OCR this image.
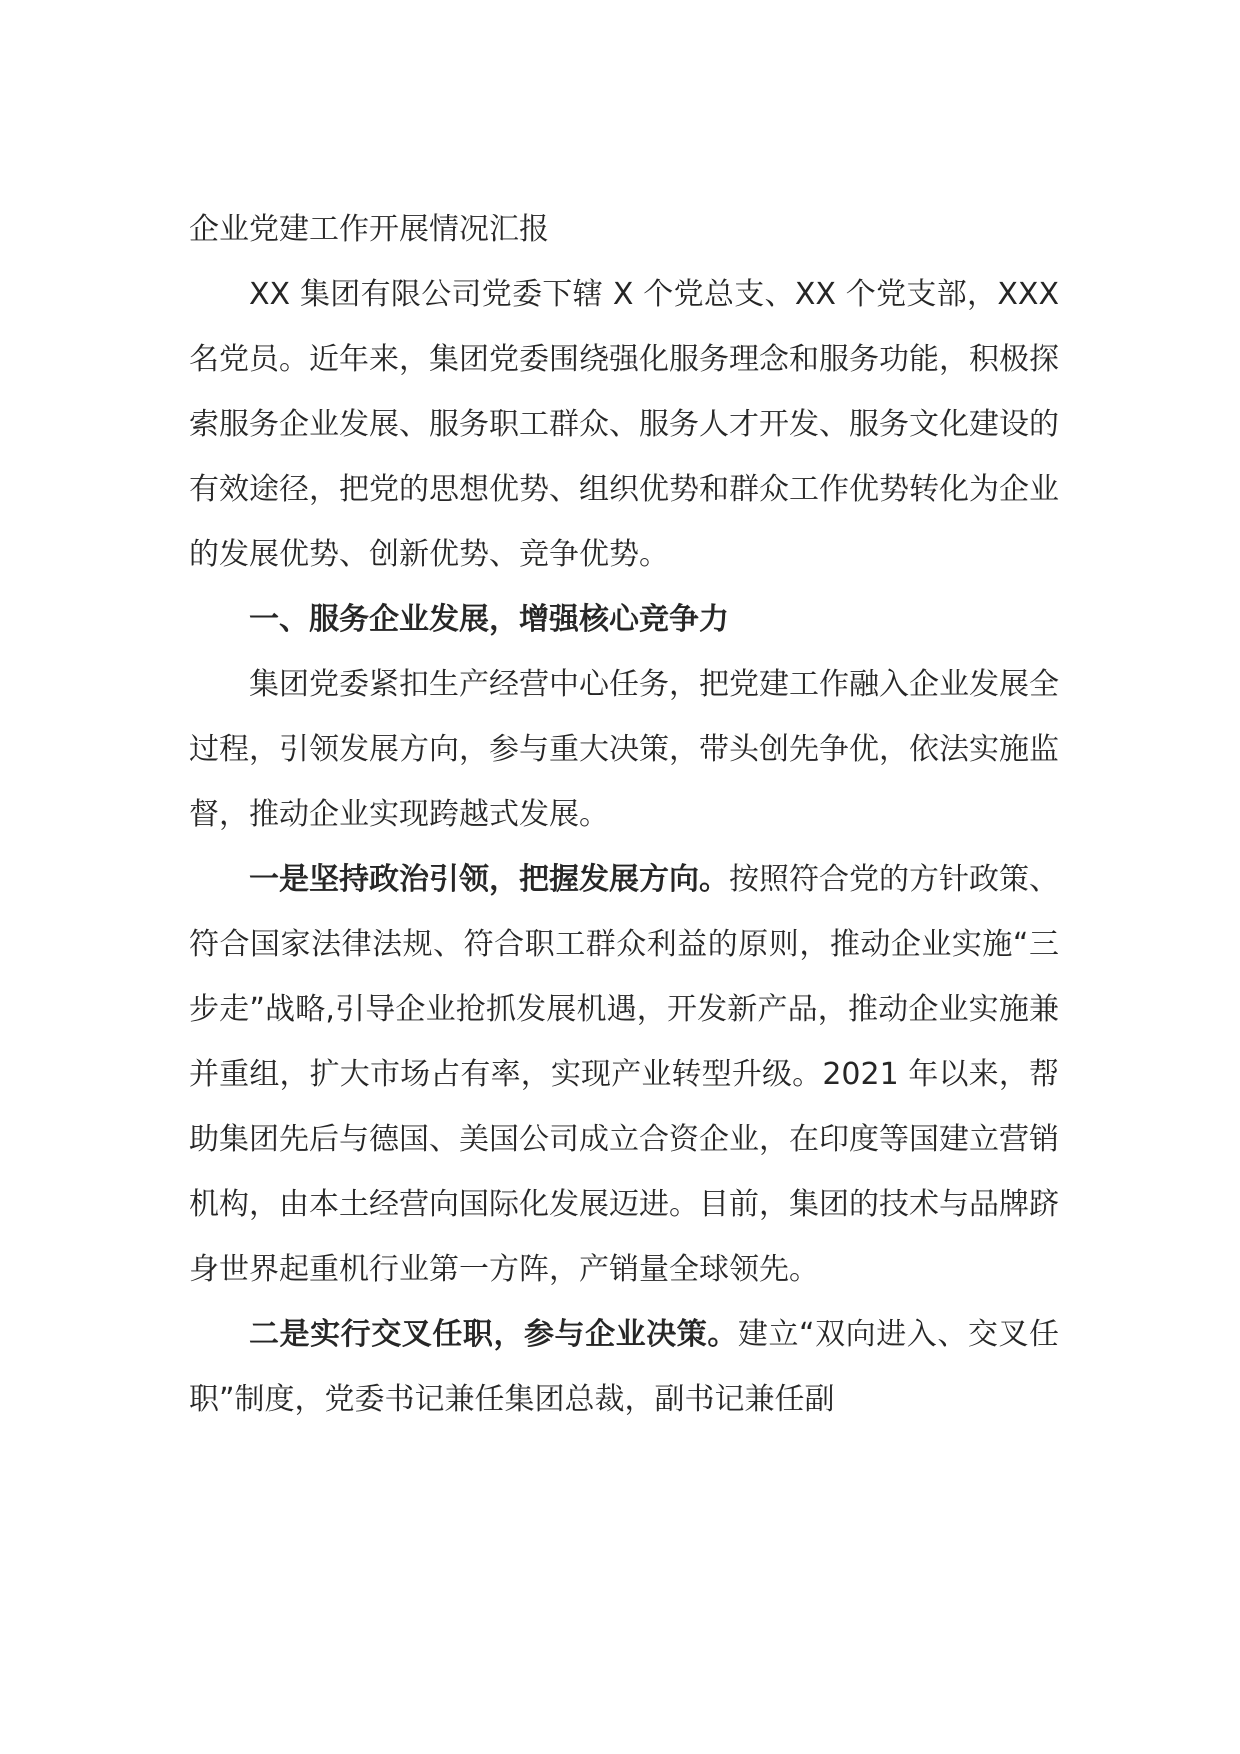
企业党建工作开展情况汇报

XX 集团有限公司党委下辖 X 个党总支、XX 个党支部，XXX 名党员。近年来，集团党委围绕强化服务理念和服务功能，积极探索服务企业发展、服务职工群众、服务人才开发、服务文化建设的有效途径，把党的思想优势、组织优势和群众工作优势转化为企业的发展优势、创新优势、竞争优势。

一、服务企业发展，增强核心竞争力

集团党委紧扣生产经营中心任务，把党建工作融入企业发展全过程，引领发展方向，参与重大决策，带头创先争优，依法实施监督，推动企业实现跨越式发展。

一是坚持政治引领，把握发展方向。按照符合党的方针政策、符合国家法律法规、符合职工群众利益的原则，推动企业实施“三步走”战略,引导企业抢抓发展机遇，开发新产品，推动企业实施兼并重组，扩大市场占有率，实现产业转型升级。2021 年以来，帮助集团先后与德国、美国公司成立合资企业，在印度等国建立营销机构，由本土经营向国际化发展迈进。目前，集团的技术与品牌跻身世界起重机行业第一方阵，产销量全球领先。

二是实行交叉任职，参与企业决策。建立“双向进入、交叉任职”制度，党委书记兼任集团总裁，副书记兼任副
